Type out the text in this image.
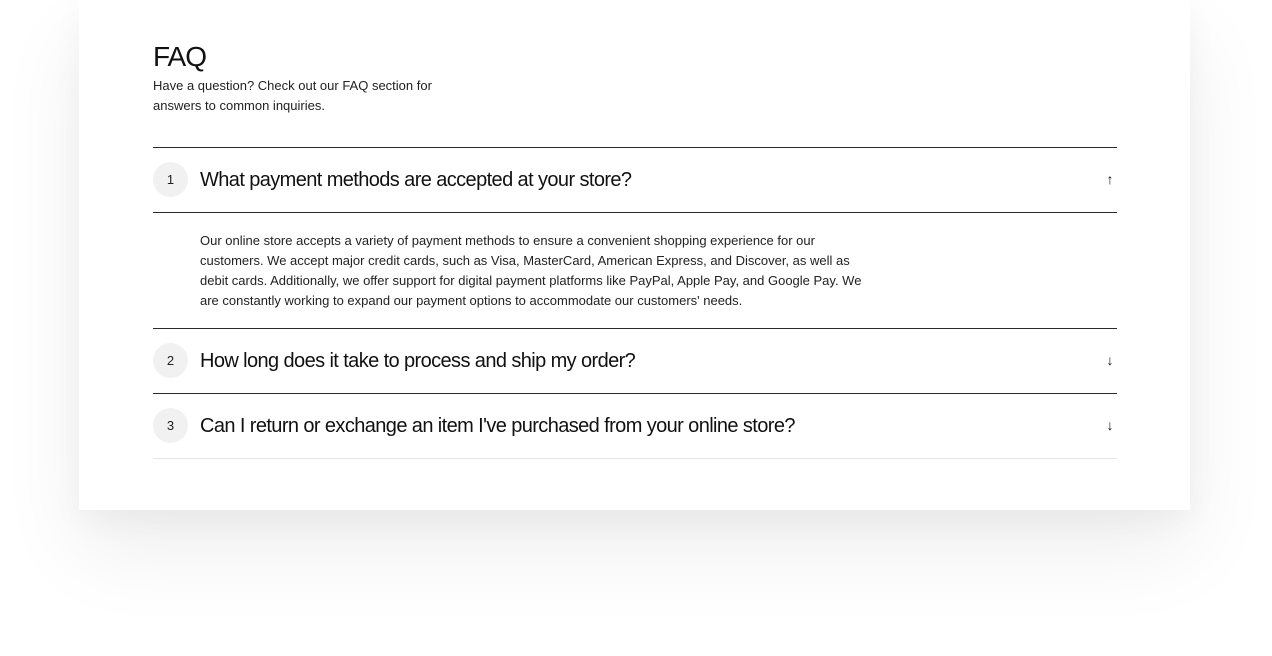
FAQ
Have a question? Check out our FAQ section for answers to common inquiries.
1	What payment methods are accepted at your store?	↑
Our online store accepts a variety of payment methods to ensure a convenient shopping experience for our customers. We accept major credit cards, such as Visa, MasterCard, American Express, and Discover, as well as debit cards. Additionally, we offer support for digital payment platforms like PayPal, Apple Pay, and Google Pay. We are constantly working to expand our payment options to accommodate our customers' needs.
2	How long does it take to process and ship my order?	↓
3	Can I return or exchange an item I've purchased from your online store?	↓
